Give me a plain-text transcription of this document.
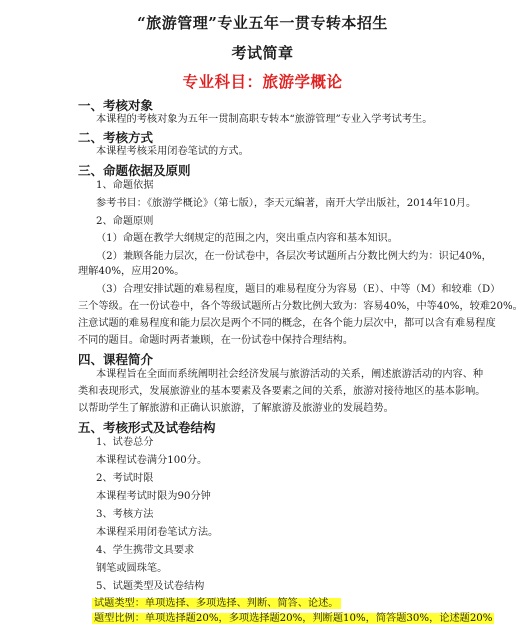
“旅游管理”专业五年一贯专转本招生
考试简章
专业科目：旅游学概论
一、考核对象
本课程的考核对象为五年一贯制高职专转本“旅游管理”专业入学考试考生。
二、考核方式
本课程考核采用闭卷笔试的方式。
三、命题依据及原则
1、命题依据
参考书目：《旅游学概论》（第七版），李天元编著，南开大学出版社，2014年10月。
2、命题原则
（1）命题在教学大纲规定的范围之内，突出重点内容和基本知识。
（2）兼顾各能力层次，在一份试卷中，各层次考试题所占分数比例大约为：识记40%，
理解40%，应用20%。
（3）合理安排试题的难易程度，题目的难易程度分为容易（E）、中等（M）和较难（D）
三个等级。在一份试卷中，各个等级试题所占分数比例大致为：容易40%，中等40%，较难20%。
注意试题的难易程度和能力层次是两个不同的概念，在各个能力层次中，都可以含有难易程度
不同的题目。命题时两者兼顾，在一份试卷中保持合理结构。
四、课程简介
本课程旨在全面而系统阐明社会经济发展与旅游活动的关系，阐述旅游活动的内容、种
类和表现形式，发展旅游业的基本要素及各要素之间的关系，旅游对接待地区的基本影响。
以帮助学生了解旅游和正确认识旅游，了解旅游及旅游业的发展趋势。
五、考核形式及试卷结构
1、试卷总分
本课程试卷满分100分。
2、考试时限
本课程考试时限为90分钟
3、考核方法
本课程采用闭卷笔试方法。
4、学生携带文具要求
钢笔或圆珠笔。
5、试题类型及试卷结构
试题类型：单项选择、多项选择、判断、简答、论述。
题型比例：单项选择题20%，多项选择题20%，判断题10%，简答题30%，论述题20%
